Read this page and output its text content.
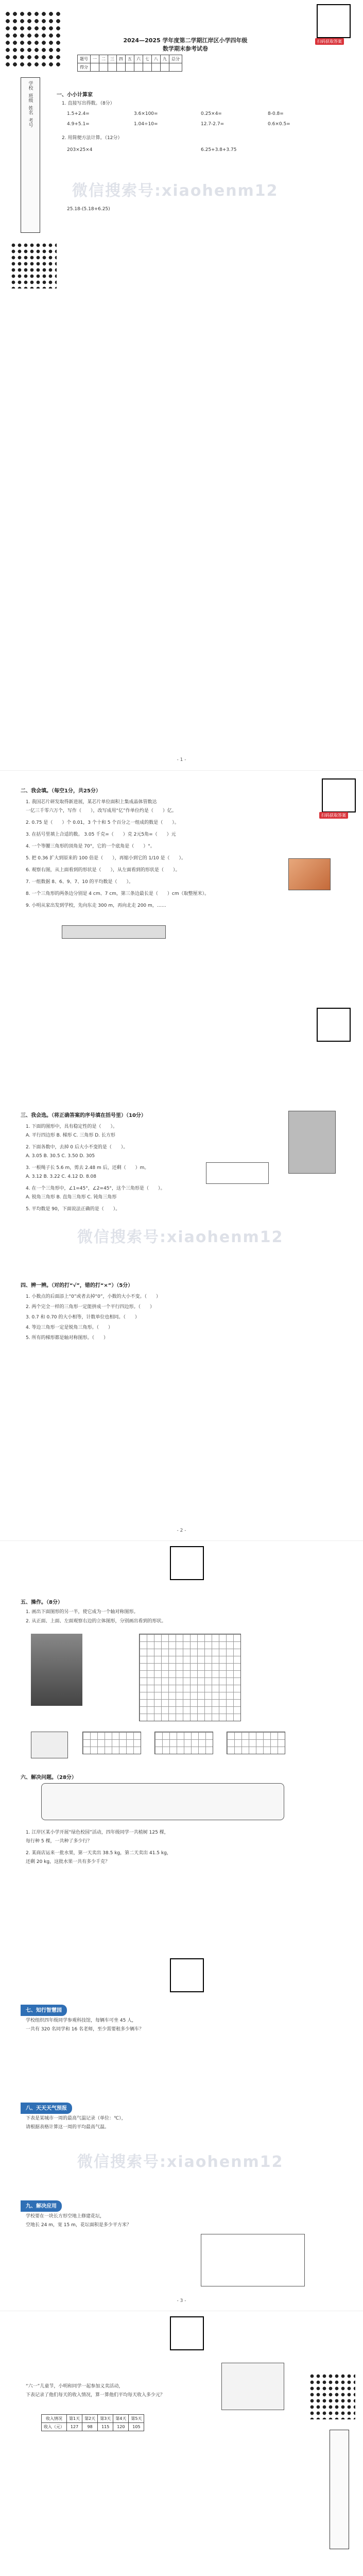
学校
班级
姓名
考号
扫码获取答案
2024—2025 学年度第二学期江岸区小学四年级
数学期末参考试卷
题号	一	二	三	四	五	六	七	八	九	总分
得分										
一、小小计算家
1. 直接写出得数。（8分）
1.5+2.4=	3.6×100=	0.25×4=	8-0.8=
4.9+5.1=	1.04÷10=	12.7-2.7=	0.6×0.5=
2. 用简便方法计算。（12分）
203×25×4	6.25+3.8+3.75
25.18-(5.18+6.25)
微信搜索号:xiaohenm12
- 1 -
扫码获取答案
二、我会填。（每空1分，共25分）
1. 我国芯片研发取得新进展，某芯片单位面积上集成晶体管数达
一亿三千零六万个，写作（　　），改写成用“亿”作单位约是（　　）亿。
2. 0.75 是（　　）个 0.01，3 个十和 5 个百分之一组成的数是（　　）。
3. 在括号里填上合适的数。 3.05 千克=（　　）克 2元5角=（　　）元
4. 一个等腰三角形的顶角是 70°，它的一个底角是（　　）°。
5. 把 0.36 扩大到原来的 100 倍是（　　），再缩小到它的 1/10 是（　　）。
6. 观察右图，从上面看到的形状是（　　），从左面看到的形状是（　　）。
7. 一组数据 8、6、9、7、10 的平均数是（　　）。
8. 一个三角形的两条边分别是 4 cm、7 cm，第三条边最长是（　　）cm（取整厘米）。
9. 小明从家出发到学校，先向东走 300 m，再向北走 200 m，……
三、我会选。（将正确答案的序号填在括号里）（10分）
1. 下面的图形中，具有稳定性的是（　　）。
A. 平行四边形 B. 梯形 C. 三角形 D. 长方形
2. 下面各数中，去掉 0 后大小不变的是（　　）。
A. 3.05 B. 30.5 C. 3.50 D. 305
3. 一根绳子长 5.6 m，剪去 2.48 m 后，还剩（　　）m。
A. 3.12 B. 3.22 C. 4.12 D. 8.08
4. 在一个三角形中，∠1=45°，∠2=45°，这个三角形是（　　）。
A. 锐角三角形 B. 直角三角形 C. 钝角三角形
5. 平均数是 90，下面说法正确的是（　　）。
微信搜索号:xiaohenm12
四、辨一辨。（对的打“√”，错的打“×”）（5分）
1. 小数点的后面添上“0”或者去掉“0”，小数的大小不变。（　　）
2. 两个完全一样的三角形一定能拼成一个平行四边形。（　　）
3. 0.7 和 0.70 的大小相等，计数单位也相同。（　　）
4. 等边三角形一定是锐角三角形。（　　）
5. 所有的梯形都是轴对称图形。（　　）
- 2 -
五、操作。（8分）
1. 画出下面图形的另一半，使它成为一个轴对称图形。
2. 从正面、上面、左面观察右边的立体图形，分别画出看到的形状。
六、解决问题。（28分）
1. 江岸区某小学开展“绿色校园”活动，四年级同学一共植树 125 棵，
每行种 5 棵，一共种了多少行？
2. 某商店运来一批水果，第一天卖出 38.5 kg，第二天卖出 41.5 kg，
还剩 20 kg，这批水果一共有多少千克？
七、知行智慧园
学校组织四年级同学参观科技馆，每辆车可坐 45 人，
一共有 320 名同学和 16 名老师，至少需要租多少辆车？
八、天天天气预报
下表是某城市一周的最高气温记录（单位：℃），
请根据表格计算这一周的平均最高气温。
微信搜索号:xiaohenm12
九、解决应用
学校要在一块长方形空地上修建花坛，
空地长 24 m，宽 15 m，花坛面积是多少平方米？
- 3 -
“六一”儿童节，小明和同学一起参加义卖活动，
下表记录了他们每天的收入情况，算一算他们平均每天收入多少元？
收入情况	第1天	第2天	第3天	第4天	第5天
收入（元）	127	98	115	120	105
